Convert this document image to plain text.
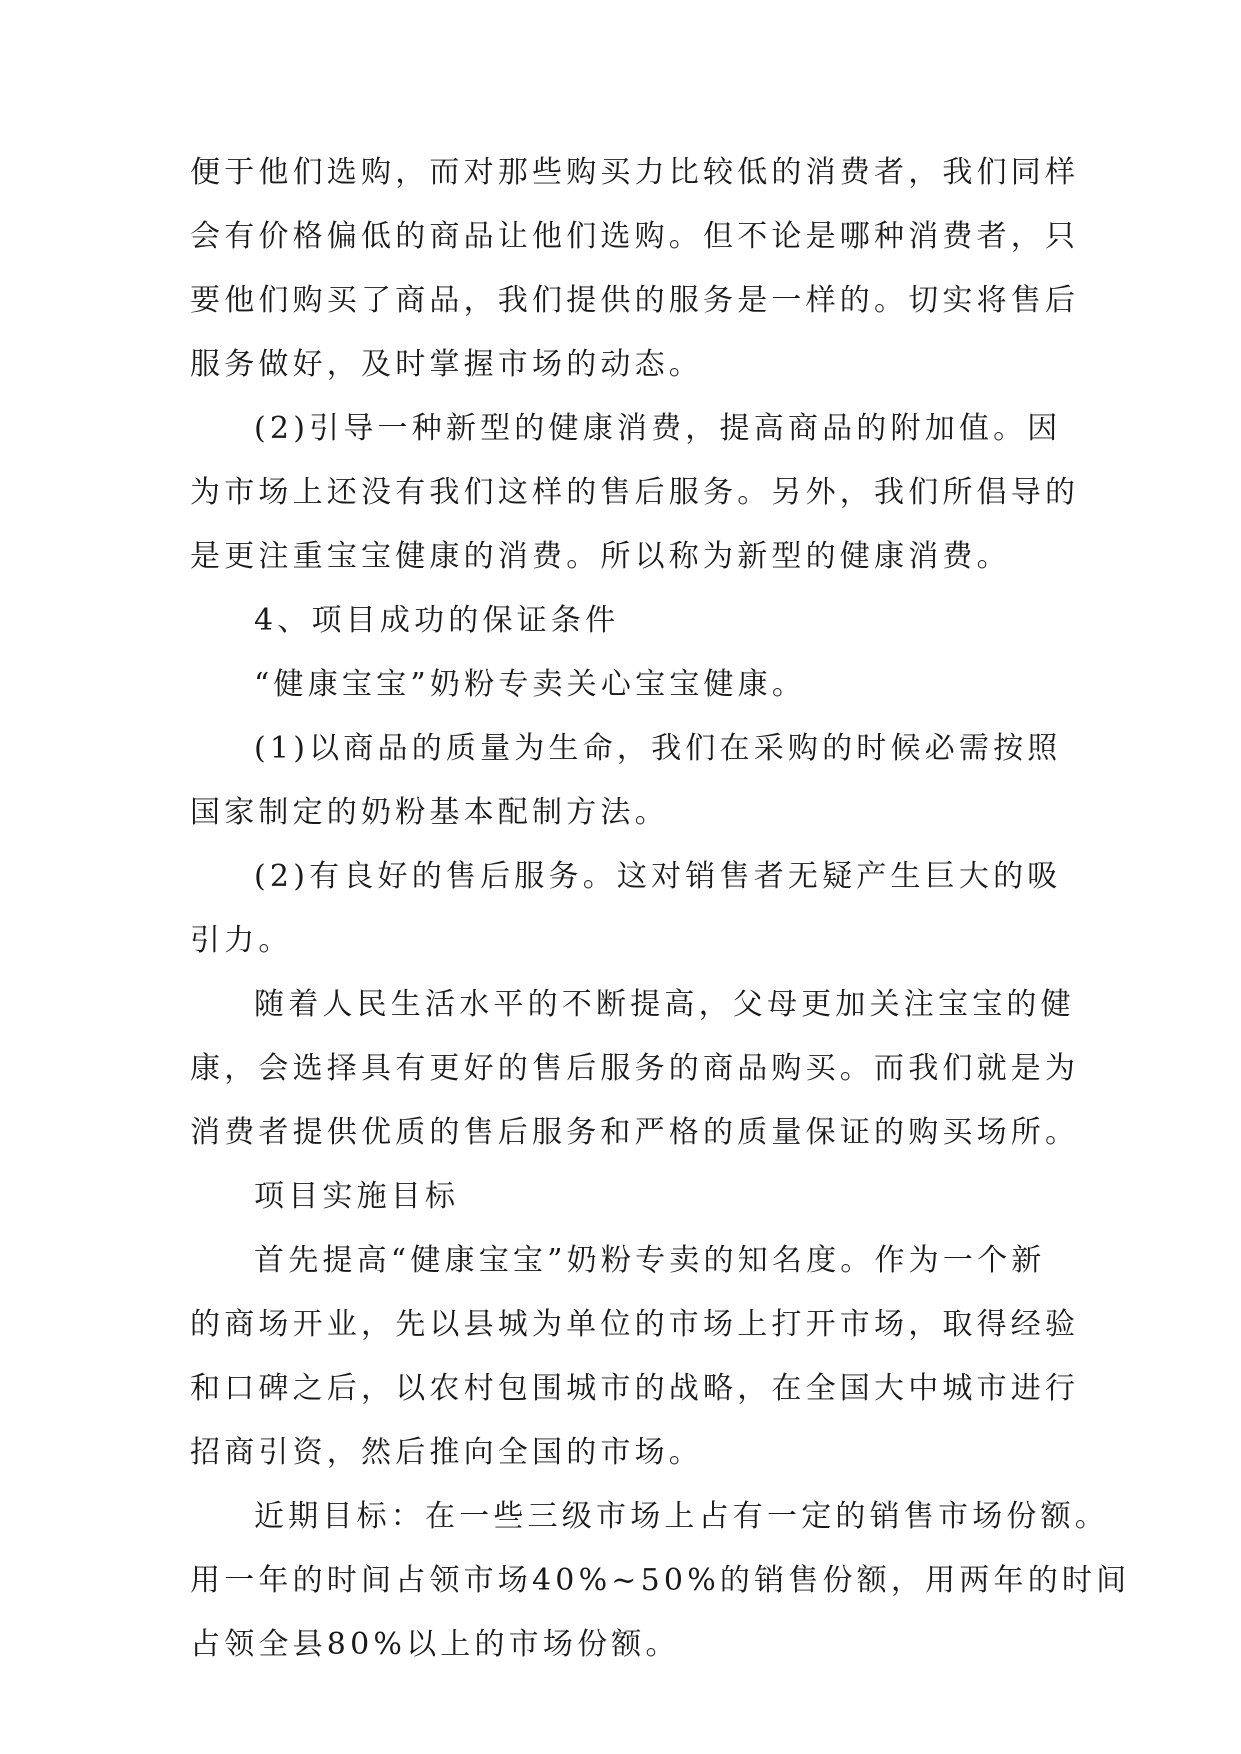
便于他们选购，而对那些购买力比较低的消费者，我们同样
会有价格偏低的商品让他们选购。但不论是哪种消费者，只
要他们购买了商品，我们提供的服务是一样的。切实将售后
服务做好，及时掌握市场的动态。
(2)引导一种新型的健康消费，提高商品的附加值。因
为市场上还没有我们这样的售后服务。另外，我们所倡导的
是更注重宝宝健康的消费。所以称为新型的健康消费。
4、项目成功的保证条件
“健康宝宝”奶粉专卖关心宝宝健康。
(1)以商品的质量为生命，我们在采购的时候必需按照
国家制定的奶粉基本配制方法。
(2)有良好的售后服务。这对销售者无疑产生巨大的吸
引力。
随着人民生活水平的不断提高，父母更加关注宝宝的健
康，会选择具有更好的售后服务的商品购买。而我们就是为
消费者提供优质的售后服务和严格的质量保证的购买场所。
项目实施目标
首先提高“健康宝宝”奶粉专卖的知名度。作为一个新
的商场开业，先以县城为单位的市场上打开市场，取得经验
和口碑之后，以农村包围城市的战略，在全国大中城市进行
招商引资，然后推向全国的市场。
近期目标：在一些三级市场上占有一定的销售市场份额。
用一年的时间占领市场40%~50%的销售份额，用两年的时间
占领全县80%以上的市场份额。
